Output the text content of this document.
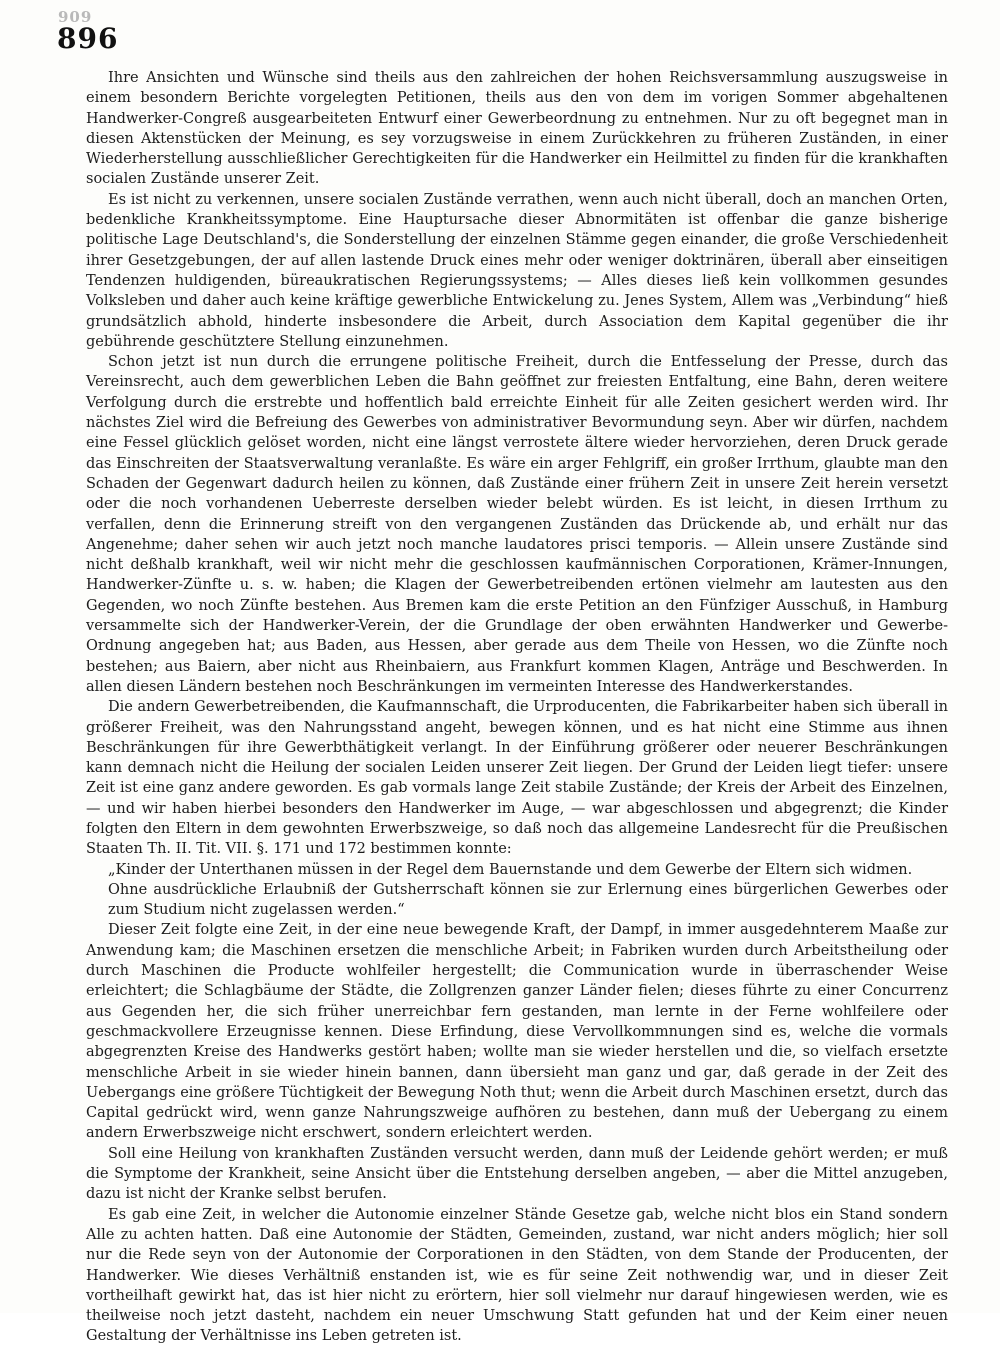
909
896

Ihre Ansichten und Wünsche sind theils aus den zahlreichen der hohen Reichsversammlung auszugsweise in einem besondern Berichte vorgelegten Petitionen, theils aus den von dem im vorigen Sommer abgehaltenen Handwerker-Congreß ausgearbeiteten Entwurf einer Gewerbeordnung zu entnehmen. Nur zu oft begegnet man in diesen Aktenstücken der Meinung, es sey vorzugsweise in einem Zurückkehren zu früheren Zuständen, in einer Wiederherstellung ausschließlicher Gerechtigkeiten für die Handwerker ein Heilmittel zu finden für die krankhaften socialen Zustände unserer Zeit.

Es ist nicht zu verkennen, unsere socialen Zustände verrathen, wenn auch nicht überall, doch an manchen Orten, bedenkliche Krankheitssymptome. Eine Hauptursache dieser Abnormitäten ist offenbar die ganze bisherige politische Lage Deutschland's, die Sonderstellung der einzelnen Stämme gegen einander, die große Verschiedenheit ihrer Gesetzgebungen, der auf allen lastende Druck eines mehr oder weniger doktrinären, überall aber einseitigen Tendenzen huldigenden, büreaukratischen Regierungssystems; — Alles dieses ließ kein vollkommen gesundes Volksleben und daher auch keine kräftige gewerbliche Entwickelung zu. Jenes System, Allem was „Verbindung“ hieß grundsätzlich abhold, hinderte insbesondere die Arbeit, durch Association dem Kapital gegenüber die ihr gebührende geschütztere Stellung einzunehmen.

Schon jetzt ist nun durch die errungene politische Freiheit, durch die Entfesselung der Presse, durch das Vereinsrecht, auch dem gewerblichen Leben die Bahn geöffnet zur freiesten Entfaltung, eine Bahn, deren weitere Verfolgung durch die erstrebte und hoffentlich bald erreichte Einheit für alle Zeiten gesichert werden wird. Ihr nächstes Ziel wird die Befreiung des Gewerbes von administrativer Bevormundung seyn. Aber wir dürfen, nachdem eine Fessel glücklich gelöset worden, nicht eine längst verrostete ältere wieder hervorziehen, deren Druck gerade das Einschreiten der Staatsverwaltung veranlaßte. Es wäre ein arger Fehlgriff, ein großer Irrthum, glaubte man den Schaden der Gegenwart dadurch heilen zu können, daß Zustände einer frühern Zeit in unsere Zeit herein versetzt oder die noch vorhandenen Ueberreste derselben wieder belebt würden. Es ist leicht, in diesen Irrthum zu verfallen, denn die Erinnerung streift von den vergangenen Zuständen das Drückende ab, und erhält nur das Angenehme; daher sehen wir auch jetzt noch manche laudatores prisci temporis. — Allein unsere Zustände sind nicht deßhalb krankhaft, weil wir nicht mehr die geschlossen kaufmännischen Corporationen, Krämer-Innungen, Handwerker-Zünfte u. s. w. haben; die Klagen der Gewerbetreibenden ertönen vielmehr am lautesten aus den Gegenden, wo noch Zünfte bestehen. Aus Bremen kam die erste Petition an den Fünfziger Ausschuß, in Hamburg versammelte sich der Handwerker-Verein, der die Grundlage der oben erwähnten Handwerker und Gewerbe-Ordnung angegeben hat; aus Baden, aus Hessen, aber gerade aus dem Theile von Hessen, wo die Zünfte noch bestehen; aus Baiern, aber nicht aus Rheinbaiern, aus Frankfurt kommen Klagen, Anträge und Beschwerden. In allen diesen Ländern bestehen noch Beschränkungen im vermeinten Interesse des Handwerkerstandes.

Die andern Gewerbetreibenden, die Kaufmannschaft, die Urproducenten, die Fabrikarbeiter haben sich überall in größerer Freiheit, was den Nahrungsstand angeht, bewegen können, und es hat nicht eine Stimme aus ihnen Beschränkungen für ihre Gewerbthätigkeit verlangt. In der Einführung größerer oder neuerer Beschränkungen kann demnach nicht die Heilung der socialen Leiden unserer Zeit liegen. Der Grund der Leiden liegt tiefer: unsere Zeit ist eine ganz andere geworden. Es gab vormals lange Zeit stabile Zustände; der Kreis der Arbeit des Einzelnen, — und wir haben hierbei besonders den Handwerker im Auge, — war abgeschlossen und abgegrenzt; die Kinder folgten den Eltern in dem gewohnten Erwerbszweige, so daß noch das allgemeine Landesrecht für die Preußischen Staaten Th. II. Tit. VII. §. 171 und 172 bestimmen konnte:

„Kinder der Unterthanen müssen in der Regel dem Bauernstande und dem Gewerbe der Eltern sich widmen.
Ohne ausdrückliche Erlaubniß der Gutsherrschaft können sie zur Erlernung eines bürgerlichen Gewerbes oder zum Studium nicht zugelassen werden.“

Dieser Zeit folgte eine Zeit, in der eine neue bewegende Kraft, der Dampf, in immer ausgedehnterem Maaße zur Anwendung kam; die Maschinen ersetzen die menschliche Arbeit; in Fabriken wurden durch Arbeitstheilung oder durch Maschinen die Producte wohlfeiler hergestellt; die Communication wurde in überraschender Weise erleichtert; die Schlagbäume der Städte, die Zollgrenzen ganzer Länder fielen; dieses führte zu einer Concurrenz aus Gegenden her, die sich früher unerreichbar fern gestanden, man lernte in der Ferne wohlfeilere oder geschmackvollere Erzeugnisse kennen. Diese Erfindung, diese Vervollkommnungen sind es, welche die vormals abgegrenzten Kreise des Handwerks gestört haben; wollte man sie wieder herstellen und die, so vielfach ersetzte menschliche Arbeit in sie wieder hinein bannen, dann übersieht man ganz und gar, daß gerade in der Zeit des Uebergangs eine größere Tüchtigkeit der Bewegung Noth thut; wenn die Arbeit durch Maschinen ersetzt, durch das Capital gedrückt wird, wenn ganze Nahrungszweige aufhören zu bestehen, dann muß der Uebergang zu einem andern Erwerbszweige nicht erschwert, sondern erleichtert werden.

Soll eine Heilung von krankhaften Zuständen versucht werden, dann muß der Leidende gehört werden; er muß die Symptome der Krankheit, seine Ansicht über die Entstehung derselben angeben, — aber die Mittel anzugeben, dazu ist nicht der Kranke selbst berufen.

Es gab eine Zeit, in welcher die Autonomie einzelner Stände Gesetze gab, welche nicht blos ein Stand sondern Alle zu achten hatten. Daß eine Autonomie der Städten, Gemeinden, zustand, war nicht anders möglich; hier soll nur die Rede seyn von der Autonomie der Corporationen in den Städten, von dem Stande der Producenten, der Handwerker. Wie dieses Verhältniß enstanden ist, wie es für seine Zeit nothwendig war, und in dieser Zeit vortheilhaft gewirkt hat, das ist hier nicht zu erörtern, hier soll vielmehr nur darauf hingewiesen werden, wie es theilweise noch jetzt dasteht, nachdem ein neuer Umschwung Statt gefunden hat und der Keim einer neuen Gestaltung der Verhältnisse ins Leben getreten ist.
